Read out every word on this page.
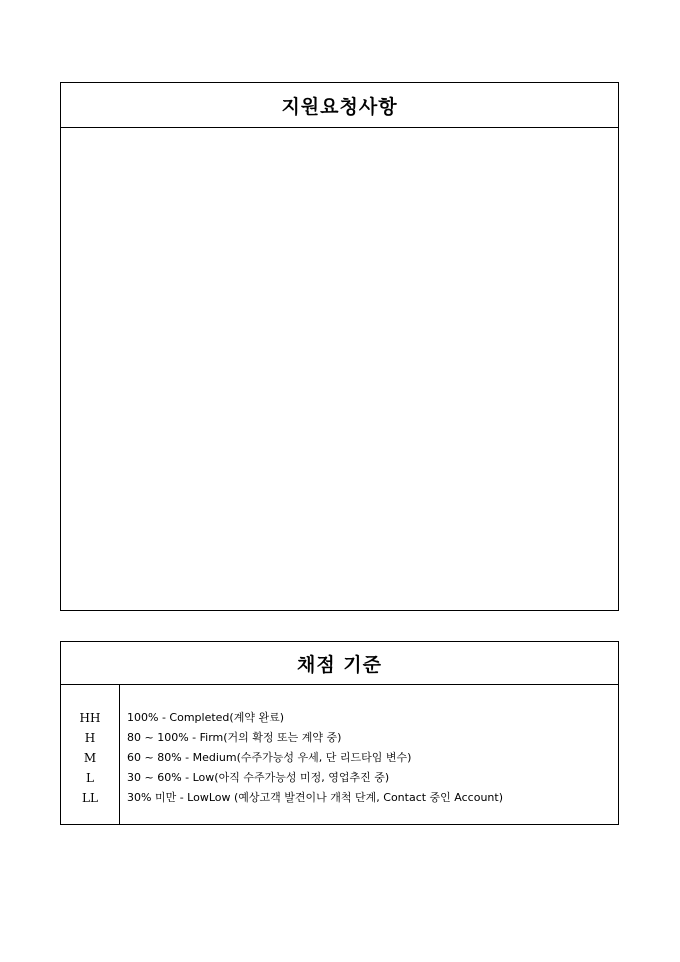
지원요청사항
채점 기준
HH
H
M
L
LL
100% - Completed(계약 완료)
80 ~ 100% - Firm(거의 확정 또는 계약 중)
60 ~ 80% - Medium(수주가능성 우세, 단 리드타임 변수)
30 ~ 60% - Low(아직 수주가능성 미정, 영업추진 중)
30% 미만 - LowLow (예상고객 발견이나 개척 단계, Contact 중인 Account)
